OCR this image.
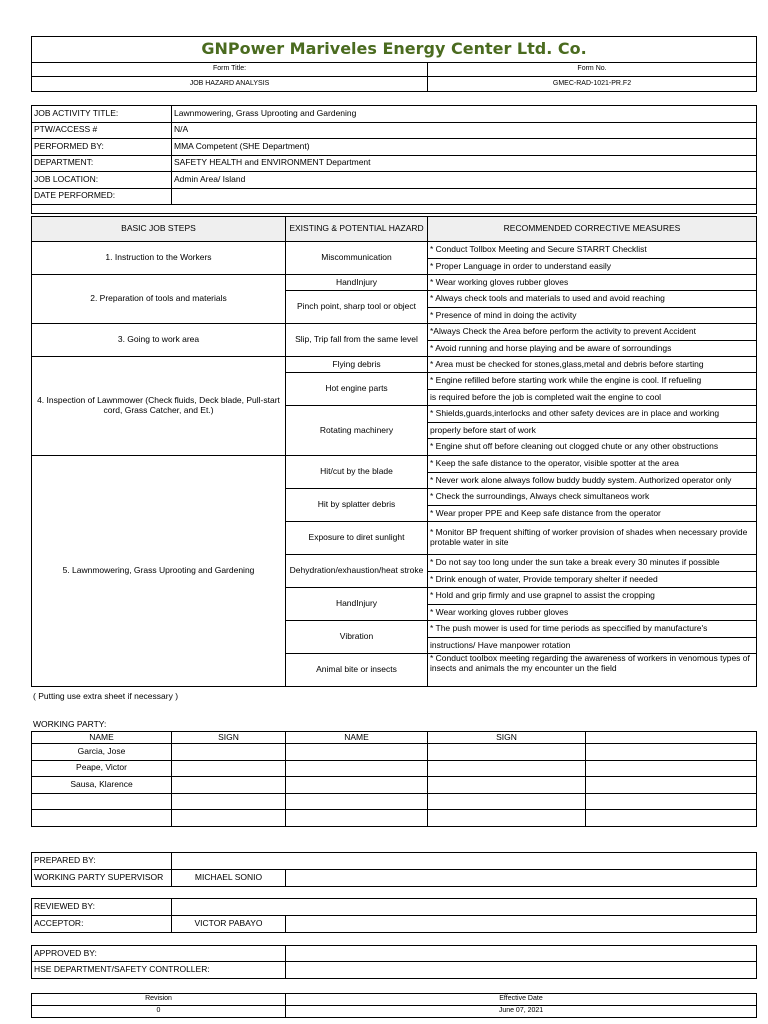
GNPower Mariveles Energy Center Ltd. Co.	
Form Title:	Form No.
JOB HAZARD ANALYSIS	GMEC-RAD-1021-PR.F2
JOB ACTIVITY TITLE:	Lawnmowering, Grass Uprooting and Gardening
PTW/ACCESS #	N/A
PERFORMED BY:	MMA Competent (SHE Department)
DEPARTMENT:	SAFETY HEALTH and ENVIRONMENT Department
JOB LOCATION:	Admin Area/ Island
DATE PERFORMED:	

BASIC JOB STEPS	EXISTING & POTENTIAL HAZARD	RECOMMENDED CORRECTIVE MEASURES
1. Instruction to the Workers	Miscommunication	* Conduct Tollbox Meeting and Secure STARRT Checklist
		* Proper Language in order to understand easily
2. Preparation of tools and materials	HandInjury	* Wear working gloves rubber gloves
	Pinch point, sharp tool or object	* Always check tools and materials to used and avoid reaching
		* Presence of mind in doing the activity
3. Going to work area	Slip, Trip fall from the same level	*Always Check the Area before perform the activity to prevent Accident
		* Avoid running and horse playing and be aware of sorroundings
4. Inspection of Lawnmower (Check fluids, Deck blade, Pull-start cord, Grass Catcher, and Et.)	Flying debris	* Area must be checked for stones,glass,metal and debris before starting
	Hot engine parts	* Engine refilled before starting work while the engine is cool. If refueling
		is required before the job is completed wait the engine to cool
	Rotating machinery	* Shields,guards,interlocks and other safety devices are in place and working
		properly before start of work
		* Engine shut off before cleaning out clogged chute or any other obstructions
5. Lawnmowering, Grass Uprooting and Gardening	Hit/cut by the blade	* Keep the safe distance to the operator, visible spotter at the area
		* Never work alone always follow buddy buddy system. Authorized operator only
	Hit by splatter debris	* Check the surroundings, Always check simultaneos work
		* Wear proper PPE and Keep safe distance from the operator
	Exposure to diret sunlight	* Monitor BP frequent shifting of worker provision of shades when necessary provide protable water in site
	Dehydration/exhaustion/heat stroke	* Do not say too long under the sun take a break every 30 minutes if possible
		* Drink enough of water, Provide temporary shelter if needed
	HandInjury	* Hold and grip firmly and use grapnel to assist the cropping
		* Wear working gloves rubber gloves
	Vibration	* The push mower is used for time periods as speccified by manufacture's
		instructions/ Have manpower rotation
	Animal bite or insects	* Conduct toolbox meeting regarding the awareness of workers in venomous types of insects and animals the my encounter un the field
( Putting use extra sheet if necessary )
WORKING PARTY:
NAME	SIGN	NAME	SIGN	
Garcia, Jose				
Peape, Victor				
Sausa, Klarence				

PREPARED BY:		
WORKING PARTY SUPERVISOR	MICHAEL SONIO	
REVIEWED BY:		
ACCEPTOR:	VICTOR PABAYO	
APPROVED BY:	
HSE DEPARTMENT/SAFETY CONTROLLER:	
Revision	Effective Date
0	June 07, 2021
